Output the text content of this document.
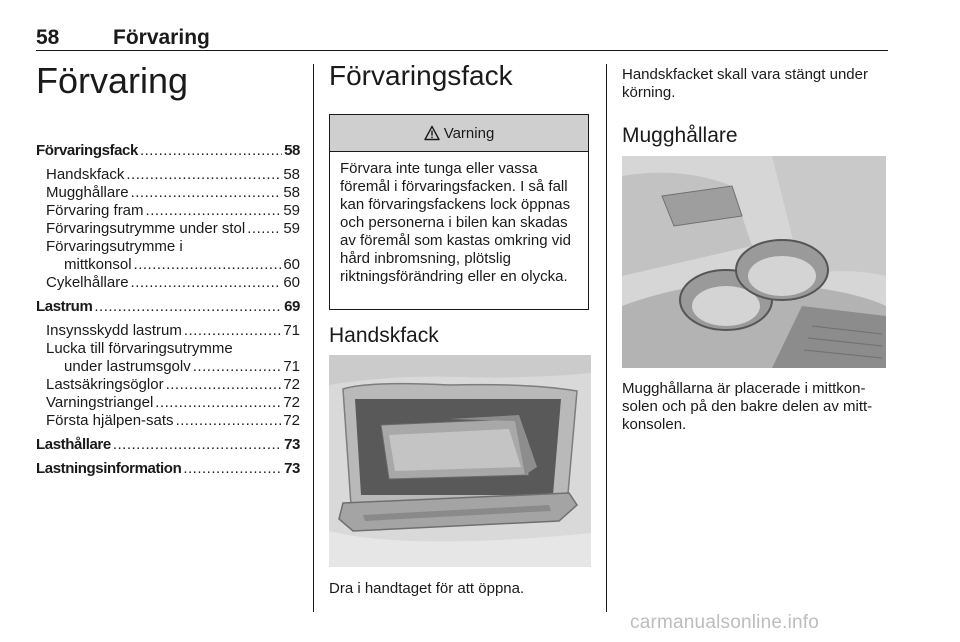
58	Förvaring
Förvaring
Förvaringsfack .....	58
Handskfack .....	58
Mugghållare .....	58
Förvaring fram .....	59
Förvaringsutrymme under stol .....	59
Förvaringsutrymme i
mittkonsol .....	60
Cykelhållare .....	60
Lastrum .....	69
Insynsskydd lastrum .....	71
Lucka till förvaringsutrymme
under lastrumsgolv .....	71
Lastsäkringsöglor .....	72
Varningstriangel .....	72
Första hjälpen-sats .....	72
Lasthållare .....	73
Lastningsinformation .....	73
Förvaringsfack
Varning
Förvara inte tunga eller vassa föremål i förvaringsfacken. I så fall kan förvaringsfackens lock öppnas och personerna i bilen kan skadas av föremål som kastas omkring vid hård inbromsning, plötslig riktningsförändring eller en olycka.
Handskfack
Dra i handtaget för att öppna.
Handskfacket skall vara stängt under körning.
Mugghållare
Mugghållarna är placerade i mittkon-solen och på den bakre delen av mitt-konsolen.
carmanualsonline.info
